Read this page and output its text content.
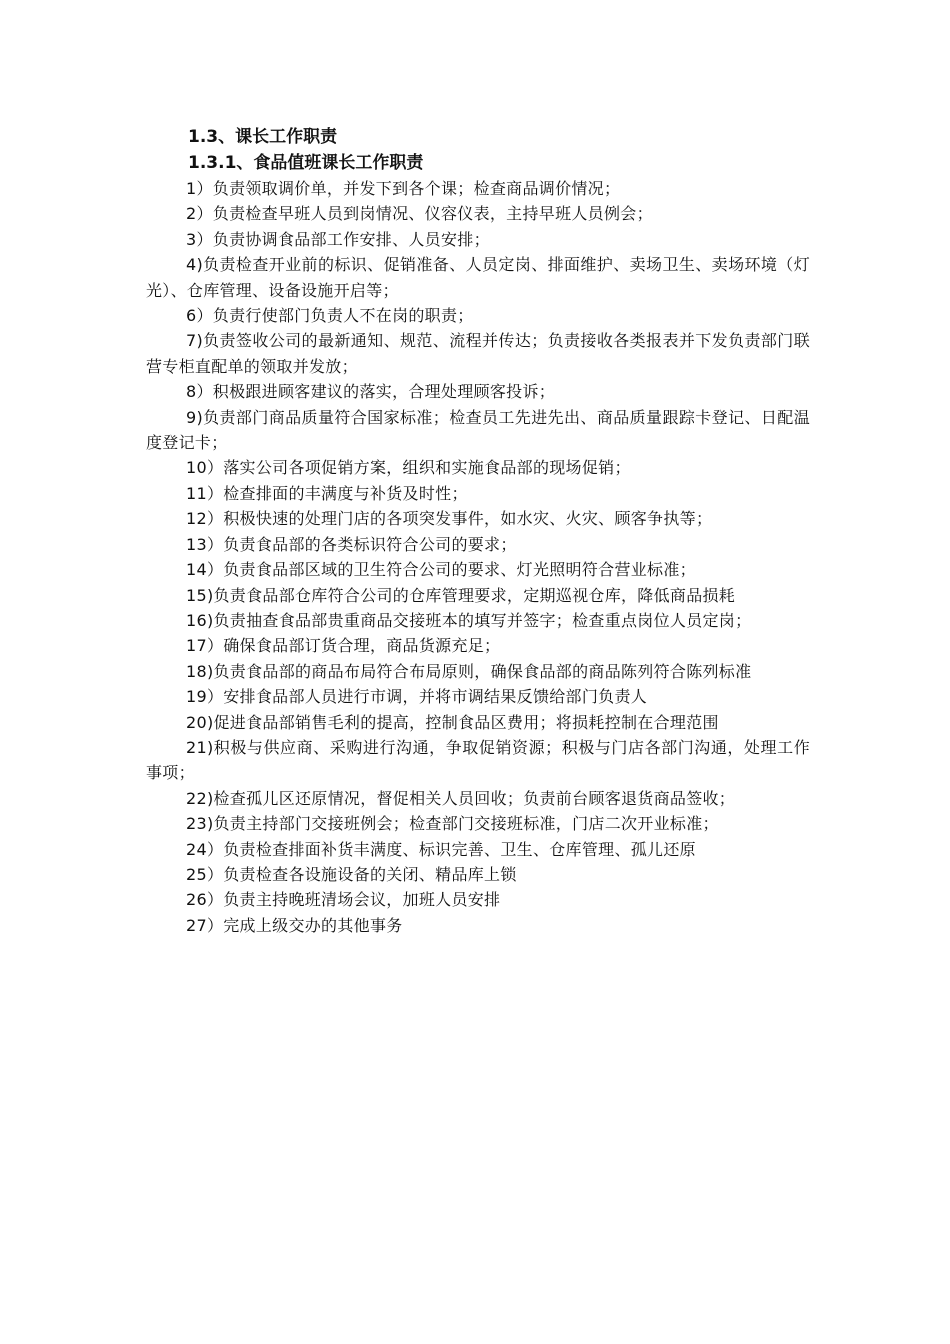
1.3、课长工作职责
1.3.1、食品值班课长工作职责
1）负责领取调价单，并发下到各个课；检查商品调价情况；
2）负责检查早班人员到岗情况、仪容仪表，主持早班人员例会；
3）负责协调食品部工作安排、人员安排；
4)负责检查开业前的标识、促销准备、人员定岗、排面维护、卖场卫生、卖场环境（灯光）、仓库管理、设备设施开启等；
6）负责行使部门负责人不在岗的职责；
7)负责签收公司的最新通知、规范、流程并传达；负责接收各类报表并下发负责部门联营专柜直配单的领取并发放；
8）积极跟进顾客建议的落实，合理处理顾客投诉；
9)负责部门商品质量符合国家标准；检查员工先进先出、商品质量跟踪卡登记、日配温度登记卡；
10）落实公司各项促销方案，组织和实施食品部的现场促销；
11）检查排面的丰满度与补货及时性；
12）积极快速的处理门店的各项突发事件，如水灾、火灾、顾客争执等；
13）负责食品部的各类标识符合公司的要求；
14）负责食品部区域的卫生符合公司的要求、灯光照明符合营业标准；
15)负责食品部仓库符合公司的仓库管理要求，定期巡视仓库，降低商品损耗
16)负责抽查食品部贵重商品交接班本的填写并签字；检查重点岗位人员定岗；
17）确保食品部订货合理，商品货源充足；
18)负责食品部的商品布局符合布局原则，确保食品部的商品陈列符合陈列标准
19）安排食品部人员进行市调，并将市调结果反馈给部门负责人
20)促进食品部销售毛利的提高，控制食品区费用；将损耗控制在合理范围
21)积极与供应商、采购进行沟通，争取促销资源；积极与门店各部门沟通，处理工作事项；
22)检查孤儿区还原情况，督促相关人员回收；负责前台顾客退货商品签收；
23)负责主持部门交接班例会；检查部门交接班标准，门店二次开业标准；
24）负责检查排面补货丰满度、标识完善、卫生、仓库管理、孤儿还原
25）负责检查各设施设备的关闭、精品库上锁
26）负责主持晚班清场会议，加班人员安排
27）完成上级交办的其他事务
